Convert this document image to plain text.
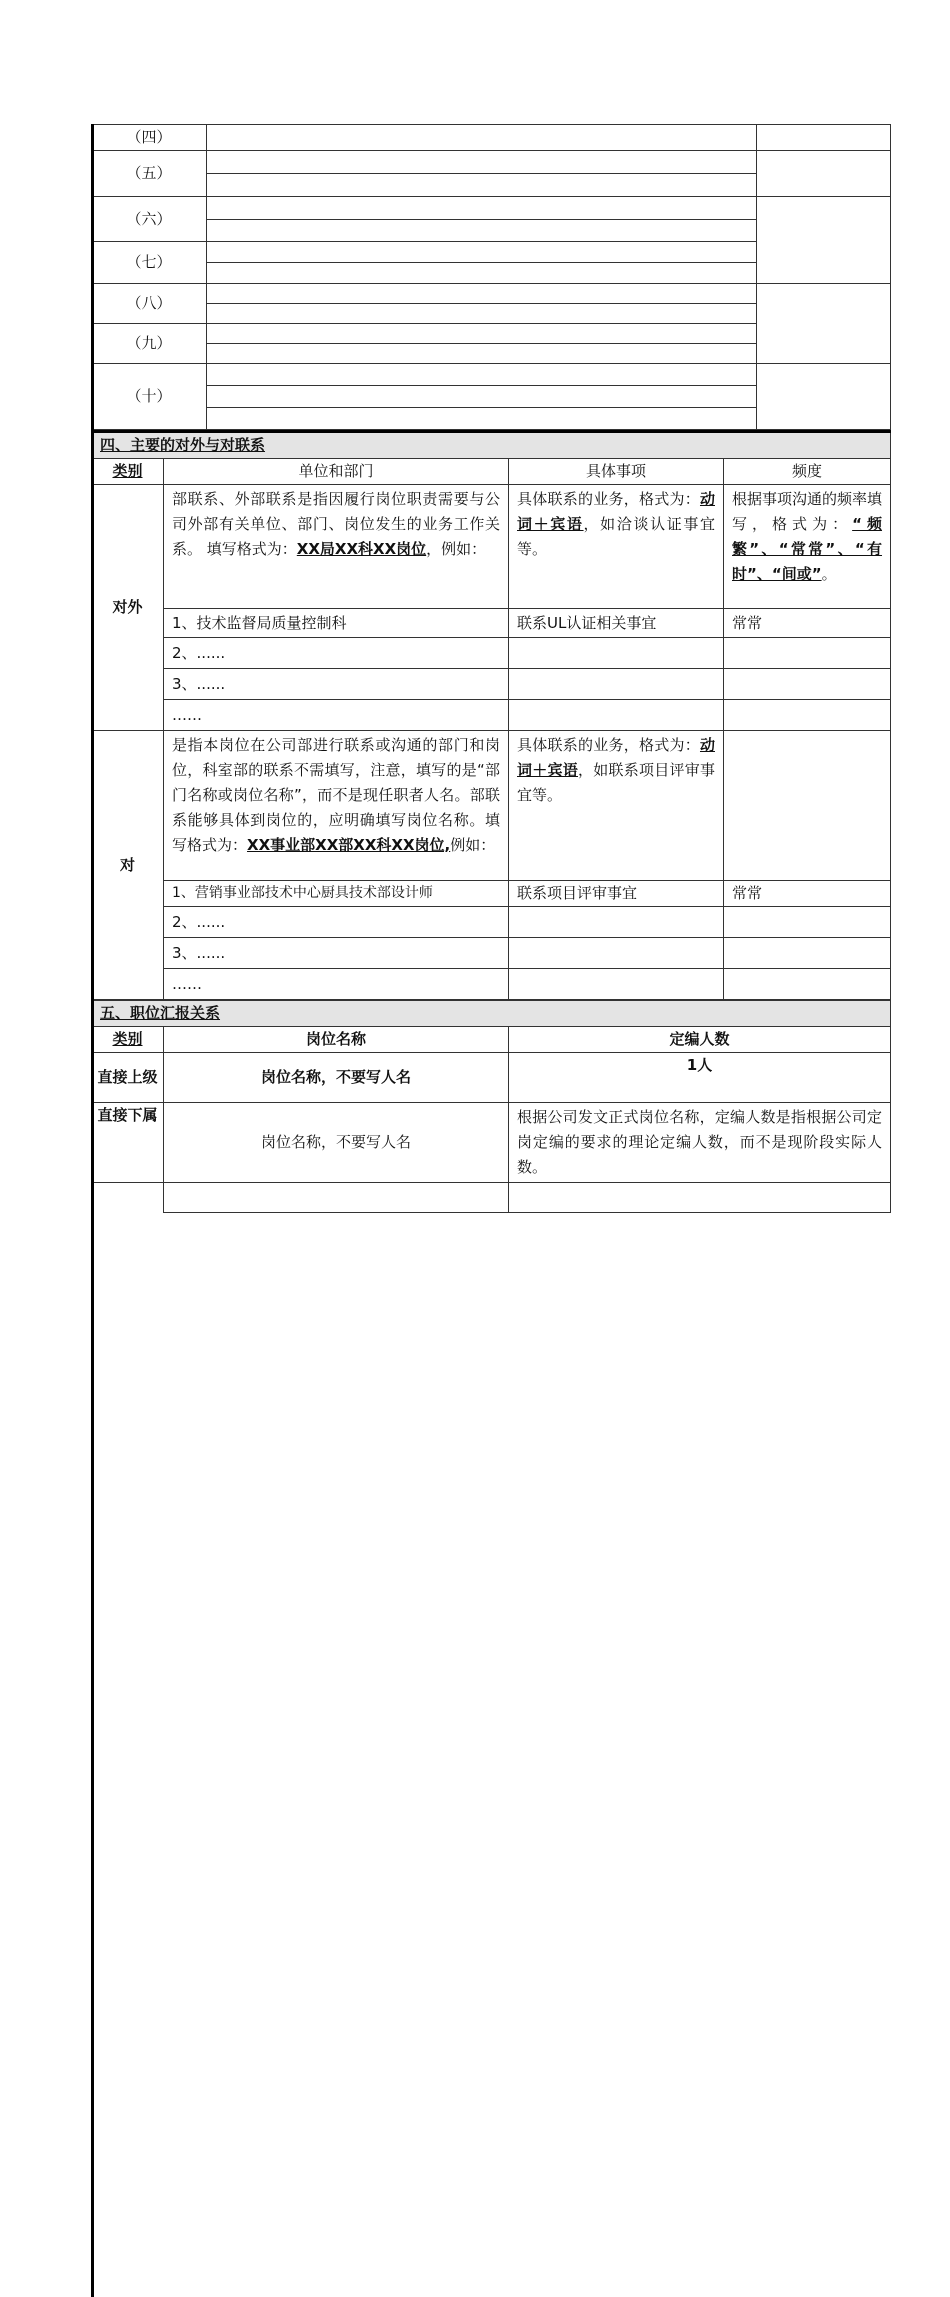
（四）	

（五）	

（六）	

（七）	

（八）	

（九）	

（十）	

四、主要的对外与对联系			
类别	单位和部门	具体事项	频度
对外	部联系、外部联系是指因履行岗位职责需要与公司外部有关单位、部门、岗位发生的业务工作关系。 填写格式为：XX局XX科XX岗位，例如：	具体联系的业务，格式为：动词＋宾语，如洽谈认证事宜等。	根据事项沟通的频率填写，格式为：“频繁”、“常常”、“有时”、“间或”。
	1、技术监督局质量控制科	联系UL认证相关事宜	常常
	2、......		
	3、......		
	……		
对	是指本岗位在公司部进行联系或沟通的部门和岗位，科室部的联系不需填写，注意，填写的是“部门名称或岗位名称”，而不是现任职者人名。部联系能够具体到岗位的，应明确填写岗位名称。填写格式为：XX事业部XX部XX科XX岗位,例如：	具体联系的业务，格式为：动词＋宾语，如联系项目评审事宜等。	
	1、营销事业部技术中心厨具技术部设计师	联系项目评审事宜	常常
	2、......		
	3、......		
	……		
五、职位汇报关系		
类别	岗位名称	定编人数
直接上级	岗位名称，不要写人名	1人
直接下属	岗位名称，不要写人名	根据公司发文正式岗位名称，定编人数是指根据公司定岗定编的要求的理论定编人数，而不是现阶段实际人数。
